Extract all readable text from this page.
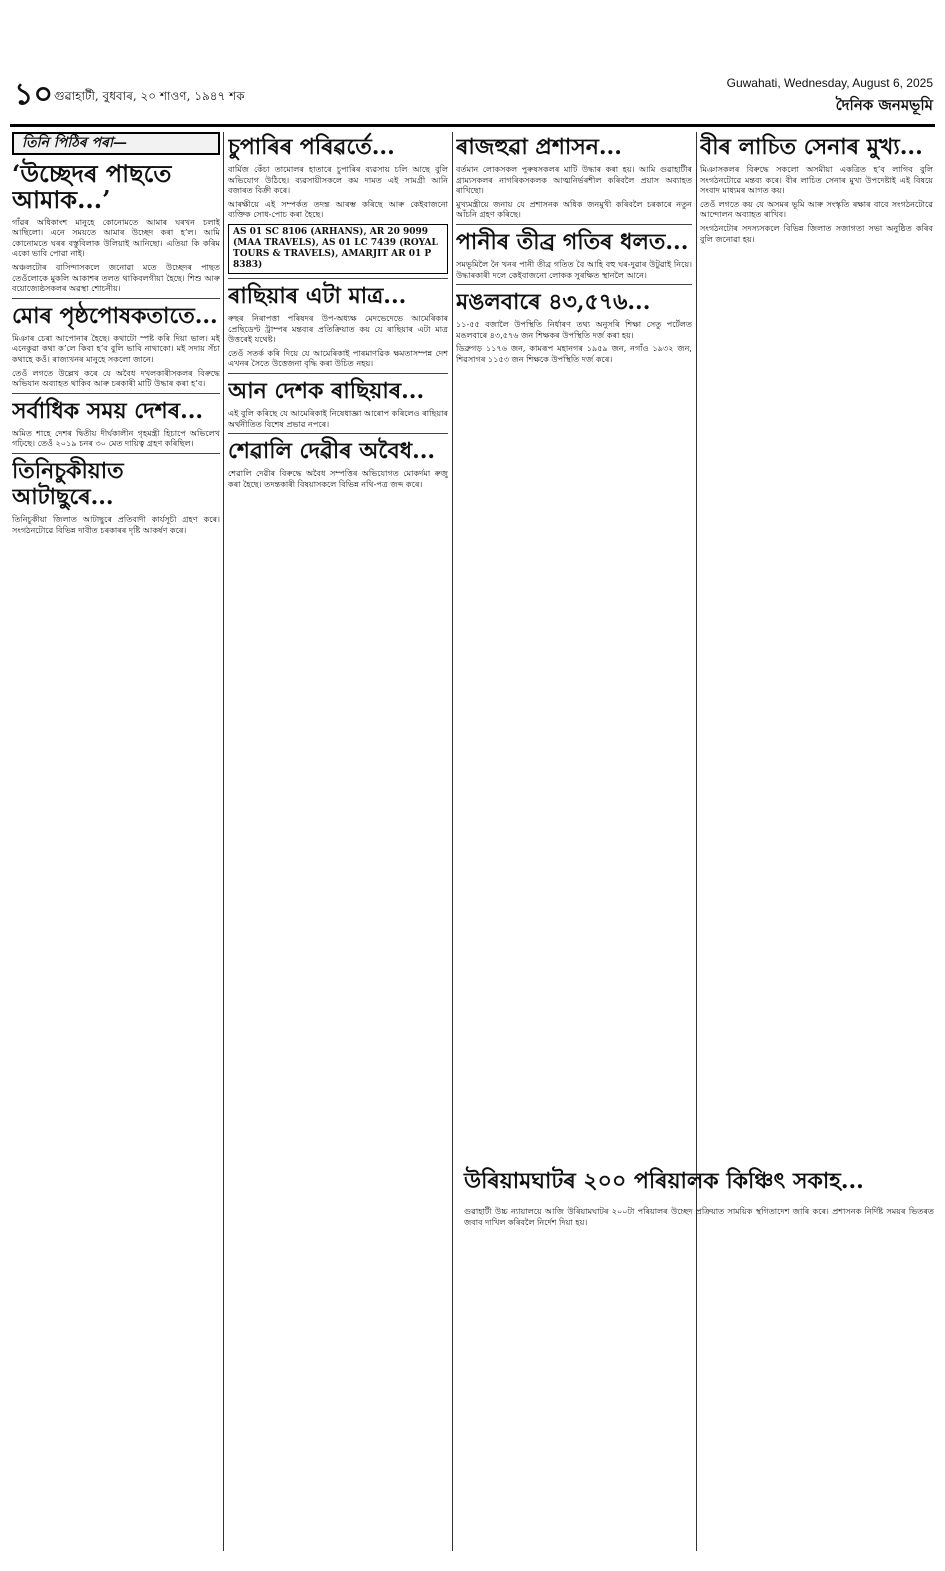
১০ গুৱাহাটী, বুধবাৰ, ২০ শাওণ, ১৯৪৭ শক
Guwahati, Wednesday, August 6, 2025
দৈনিক জনমভূমি
তিনি পিঠিৰ পৰা—
‘উচ্ছেদৰ পাছতে আমাক...’

গাঁৱৰ অধিকাংশ মানুহে কোনোমতে আমাৰ ঘৰখন চলাই আছিলো। এনে সময়তে আমাৰ উচ্ছেদ কৰা হ’ল। আমি কোনোমতে ঘৰৰ বস্তুবিলাক উলিয়াই আনিছো। এতিয়া কি কৰিম একো ভাবি পোৱা নাই।

অঞ্চলটোৰ বাসিন্দাসকলে জনোৱা মতে উচ্ছেদৰ পাছত তেওঁলোকে মুকলি আকাশৰ তলত থাকিবলগীয়া হৈছে। শিশু আৰু বয়োজ্যেষ্ঠসকলৰ অৱস্থা শোচনীয়।

মোৰ পৃষ্ঠপোষকতাতে...

মিঞাৰ চেৰা আপোনাৰ হৈছে। কথাটো স্পষ্ট কৰি দিয়া ভাল। মই এনেকুৱা কথা ক’লে কিবা হ’ব বুলি ভাবি নাথাকো। মই সদায় সঁচা কথাহে কওঁ। ৰাজ্যখনৰ মানুহে সকলো জানে।

তেওঁ লগতে উল্লেখ কৰে যে অবৈধ দখলকাৰীসকলৰ বিৰুদ্ধে অভিযান অব্যাহত থাকিব আৰু চৰকাৰী মাটি উদ্ধাৰ কৰা হ’ব।

সৰ্বাধিক সময় দেশৰ...

অমিত শাহে দেশৰ দ্বিতীয় দীৰ্ঘকালীন গৃহমন্ত্ৰী হিচাপে অভিলেখ গঢ়িছে। তেওঁ ২০১৯ চনৰ ৩০ মেত দায়িত্ব গ্ৰহণ কৰিছিল।

তিনিচুকীয়াত আটাছুৰে...

তিনিচুকীয়া জিলাত আটাছুৰে প্ৰতিবাদী কাৰ্যসূচী গ্ৰহণ কৰে। সংগঠনটোৱে বিভিন্ন দাবীত চৰকাৰৰ দৃষ্টি আকৰ্ষণ কৰে।

চুপাৰিৰ পৰিৱৰ্তে...

বাৰ্মিজ কেঁচা তামোলৰ হাতাৰে চুপাৰিৰ ব্যৱসায় চলি আছে বুলি অভিযোগ উঠিছে। ব্যৱসায়ীসকলে কম দামত এই সামগ্ৰী আনি বজাৰত বিক্ৰী কৰে।

আৰক্ষীয়ে এই সম্পৰ্কত তদন্ত আৰম্ভ কৰিছে আৰু কেইবাজনো ব্যক্তিক সোধ-পোচ কৰা হৈছে।

AS 01 SC 8106 (ARHANS), AR 20 9099 (MAA TRAVELS), AS 01 LC 7439 (ROYAL TOURS & TRAVELS), AMARJIT AR 01 P 8383)
ৰাছিয়াৰ এটা মাত্ৰ...

ৰুছৰ নিৰাপত্তা পৰিষদৰ উপ-অধ্যক্ষ মেদভেদেভে আমেৰিকাৰ প্ৰেছিডেণ্ট ট্ৰাম্পৰ মন্তব্যৰ প্ৰতিক্ৰিয়াত কয় যে ৰাছিয়াৰ এটা মাত্ৰ উত্তৰেই যথেষ্ট।

তেওঁ সতৰ্ক কৰি দিয়ে যে আমেৰিকাই পাৰমাণৱিক ক্ষমতাসম্পন্ন দেশ এখনৰ সৈতে উত্তেজনা বৃদ্ধি কৰা উচিত নহয়।

আন দেশক ৰাছিয়াৰ...

এই বুলি কৰিছে যে আমেৰিকাই নিষেধাজ্ঞা আৰোপ কৰিলেও ৰাছিয়াৰ অৰ্থনীতিত বিশেষ প্ৰভাৱ নপৰে।

শেৱালি দেৱীৰ অবৈধ...

শেৱালি দেৱীৰ বিৰুদ্ধে অবৈধ সম্পত্তিৰ অভিযোগত মোকৰ্দমা ৰুজু কৰা হৈছে। তদন্তকাৰী বিষয়াসকলে বিভিন্ন নথি-পত্ৰ জব্দ কৰে।

ৰাজহুৱা প্ৰশাসন...

বৰ্তমান লোকসকল পুৰুষসকলৰ মাটি উদ্ধাৰ কৰা হয়। আমি গুৱাহাটীৰ গ্ৰাম্যসকলৰ নাগৰিকসকলক আত্মনিৰ্ভৰশীল কৰিবলৈ প্ৰয়াস অব্যাহত ৰাখিছো।

মুখ্যমন্ত্ৰীয়ে জনায় যে প্ৰশাসনক অধিক জনমুখী কৰিবলৈ চৰকাৰে নতুন আঁচনি গ্ৰহণ কৰিছে।

পানীৰ তীব্ৰ গতিৰ ধলত...

সমভূমিলৈ নৈ খনৰ পানী তীব্ৰ গতিত বৈ আহি বহু ঘৰ-দুৱাৰ উটুৱাই নিয়ে। উদ্ধাৰকাৰী দলে কেইবাজনো লোকক সুৰক্ষিত স্থানলৈ আনে।

মঙলবাৰে ৪৩,৫৭৬...

১১-৫৫ বজালৈ উপস্থিতি নিৰ্ধাৰণ তথ্য অনুসৰি শিক্ষা সেতু পৰ্টেলত মঙলবাৰে ৪৩,৫৭৬ জন শিক্ষকৰ উপস্থিতি দৰ্জ কৰা হয়।

ডিব্ৰুগড় ১১৭৬ জন, কামৰূপ মহানগৰ ১৯৫৯ জন, নগাঁও ১৯৩২ জন, শিৱসাগৰ ১১৫৩ জন শিক্ষকে উপস্থিতি দৰ্জ কৰে।

বীৰ লাচিত সেনাৰ মুখ্য...

মিঞাসকলৰ বিৰুদ্ধে সকলো অসমীয়া একত্ৰিত হ’ব লাগিব বুলি সংগঠনটোৱে মন্তব্য কৰে। বীৰ লাচিত সেনাৰ মুখ্য উপদেষ্টাই এই বিষয়ে সংবাদ মাধ্যমৰ আগত কয়।

তেওঁ লগতে কয় যে অসমৰ ভূমি আৰু সংস্কৃতি ৰক্ষাৰ বাবে সংগঠনটোৱে আন্দোলন অব্যাহত ৰাখিব।

সংগঠনটোৰ সদস্যসকলে বিভিন্ন জিলাত সজাগতা সভা অনুষ্ঠিত কৰিব বুলি জনোৱা হয়।

উৰিয়ামঘাটৰ ২০০ পৰিয়ালক কিঞ্চিৎ সকাহ...
গুৱাহাটী উচ্চ ন্যায়ালয়ে আজি উৰিয়ামঘাটৰ ২০০টা পৰিয়ালৰ উচ্ছেদ প্ৰক্ৰিয়াত সাময়িক স্থগিতাদেশ জাৰি কৰে। প্ৰশাসনক নিৰ্দিষ্ট সময়ৰ ভিতৰত জবাব দাখিল কৰিবলৈ নিৰ্দেশ দিয়া হয়।
